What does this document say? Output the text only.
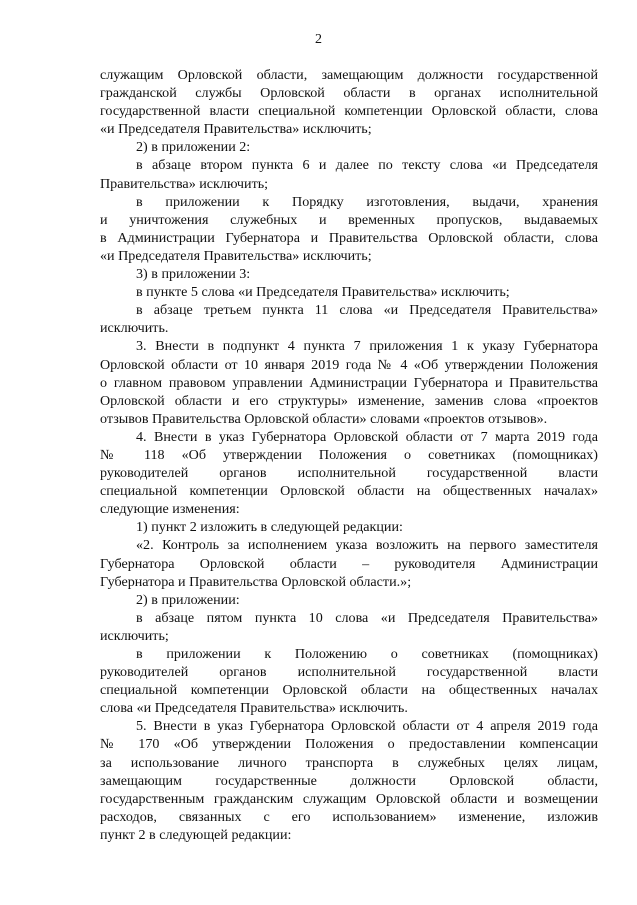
2

служащим Орловской области, замещающим должности государственной

гражданской службы Орловской области в органах исполнительной

государственной власти специальной компетенции Орловской области, слова

«и Председателя Правительства» исключить;

2) в приложении 2:

в абзаце втором пункта 6 и далее по тексту слова «и Председателя

Правительства» исключить;

в приложении к Порядку изготовления, выдачи, хранения

и уничтожения служебных и временных пропусков, выдаваемых

в Администрации Губернатора и Правительства Орловской области, слова

«и Председателя Правительства» исключить;

3) в приложении 3:

в пункте 5 слова «и Председателя Правительства» исключить;

в абзаце третьем пункта 11 слова «и Председателя Правительства»

исключить.

3. Внести в подпункт 4 пункта 7 приложения 1 к указу Губернатора

Орловской области от 10 января 2019 года № 4 «Об утверждении Положения

о главном правовом управлении Администрации Губернатора и Правительства

Орловской области и его структуры» изменение, заменив слова «проектов

отзывов Правительства Орловской области» словами «проектов отзывов».

4. Внести в указ Губернатора Орловской области от 7 марта 2019 года

№ 118 «Об утверждении Положения о советниках (помощниках)

руководителей органов исполнительной государственной власти

специальной компетенции Орловской области на общественных началах»

следующие изменения:

1) пункт 2 изложить в следующей редакции:

«2. Контроль за исполнением указа возложить на первого заместителя

Губернатора Орловской области – руководителя Администрации

Губернатора и Правительства Орловской области.»;

2) в приложении:

в абзаце пятом пункта 10 слова «и Председателя Правительства»

исключить;

в приложении к Положению о советниках (помощниках)

руководителей органов исполнительной государственной власти

специальной компетенции Орловской области на общественных началах

слова «и Председателя Правительства» исключить.

5. Внести в указ Губернатора Орловской области от 4 апреля 2019 года

№ 170 «Об утверждении Положения о предоставлении компенсации

за использование личного транспорта в служебных целях лицам,

замещающим государственные должности Орловской области,

государственным гражданским служащим Орловской области и возмещении

расходов, связанных с его использованием» изменение, изложив

пункт 2 в следующей редакции:
